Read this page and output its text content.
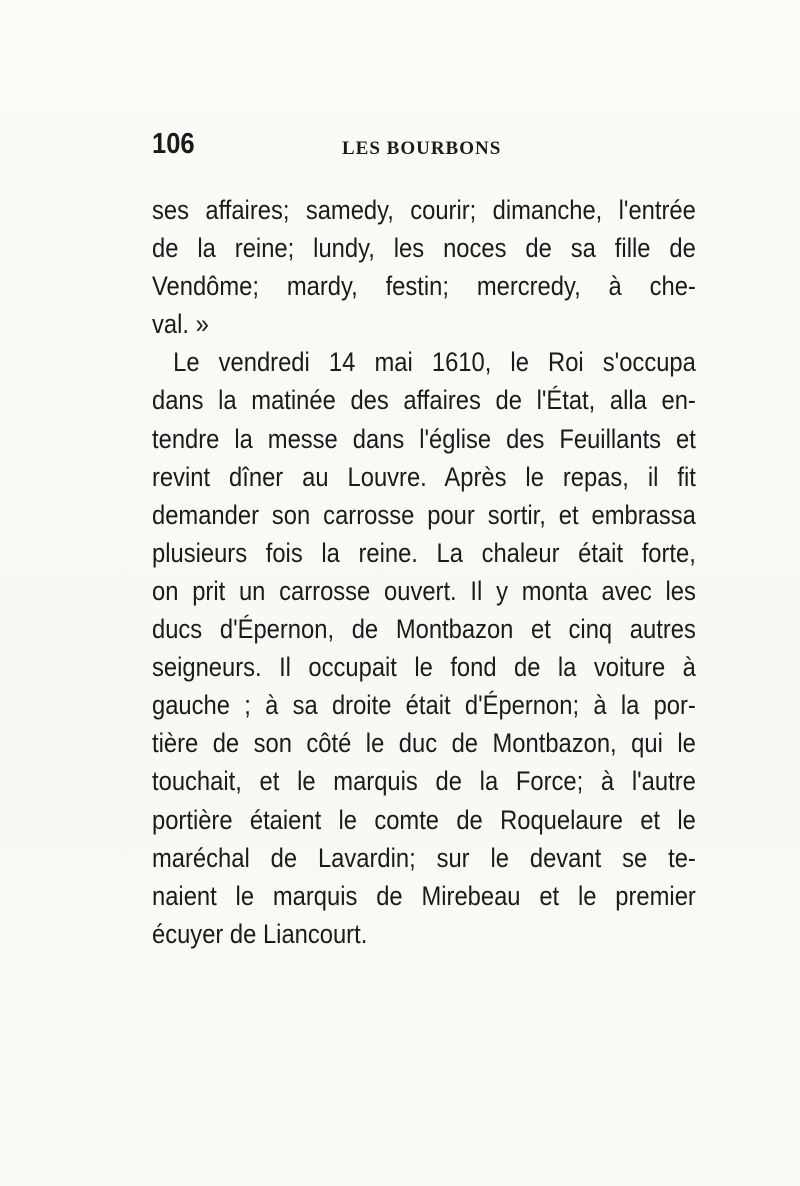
106	LES BOURBONS
ses affaires; samedy, courir; dimanche, l'entrée
de la reine; lundy, les noces de sa fille de
Vendôme; mardy, festin; mercredy, à che-
val. »
Le vendredi 14 mai 1610, le Roi s'occupa
dans la matinée des affaires de l'État, alla en-
tendre la messe dans l'église des Feuillants et
revint dîner au Louvre. Après le repas, il fit
demander son carrosse pour sortir, et embrassa
plusieurs fois la reine. La chaleur était forte,
on prit un carrosse ouvert. Il y monta avec les
ducs d'Épernon, de Montbazon et cinq autres
seigneurs. Il occupait le fond de la voiture à
gauche ; à sa droite était d'Épernon; à la por-
tière de son côté le duc de Montbazon, qui le
touchait, et le marquis de la Force; à l'autre
portière étaient le comte de Roquelaure et le
maréchal de Lavardin; sur le devant se te-
naient le marquis de Mirebeau et le premier
écuyer de Liancourt.
